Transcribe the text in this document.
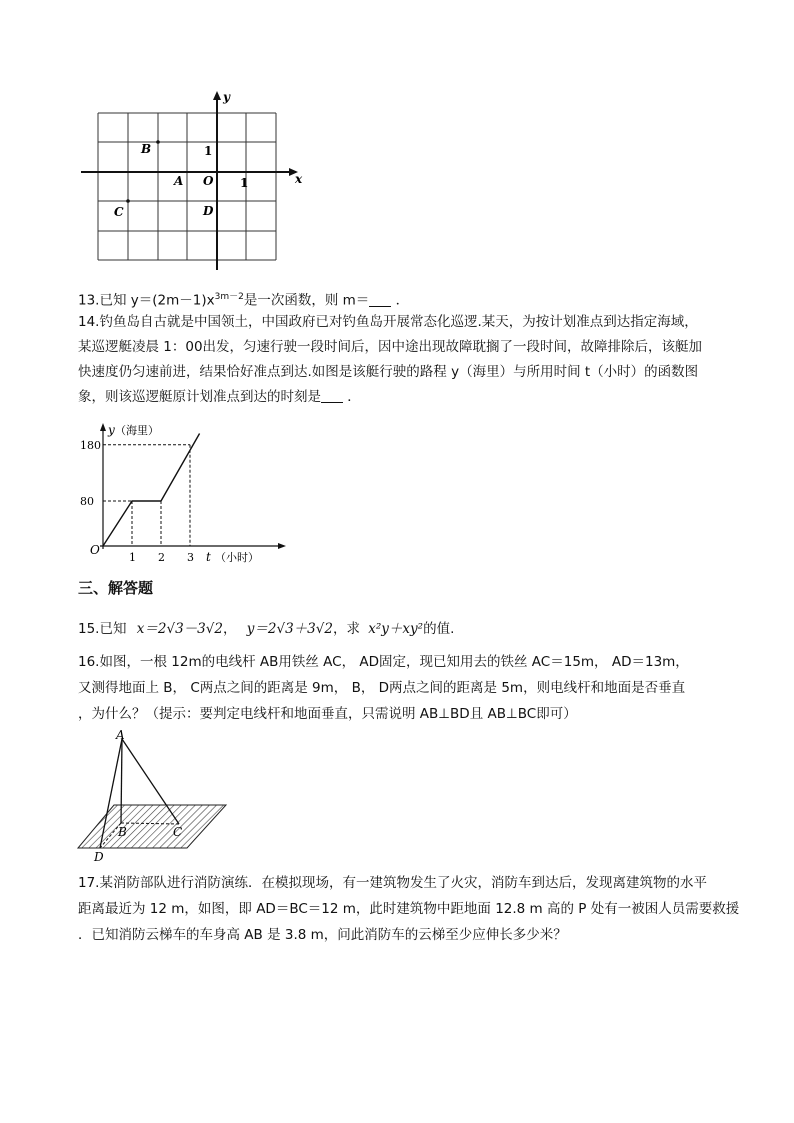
y
x
B	1
A O 1
C	D
13.已知 $y=(2m-1)x^{3m-2}$是一次函数，则 m＝ ．
14.钓鱼岛自古就是中国领土，中国政府已对钓鱼岛开展常态化巡逻.某天，为按计划准点到达指定海域，
某巡逻艇凌晨 1：00出发，匀速行驶一段时间后，因中途出现故障耽搁了一段时间，故障排除后，该艇加
快速度仍匀速前进，结果恰好准点到达.如图是该艇行驶的路程 y（海里）与所用时间 t（小时）的函数图
象，则该巡逻艇原计划准点到达的时刻是 ．
y （海里）
t （小时）
O
1 2 3
80
180
三、解答题
15.已知 x＝2√3－3√2， y＝2√3＋3√2，求 x²y＋xy²的值.
16.如图，一根 12m的电线杆 AB用铁丝 AC， AD固定，现已知用去的铁丝 AC＝15m， AD＝13m，
又测得地面上 B， C两点之间的距离是 9m， B， D两点之间的距离是 5m，则电线杆和地面是否垂直
，为什么？（提示：要判定电线杆和地面垂直，只需说明 AB⊥BD且 AB⊥BC即可）
A
B	C
D
17.某消防部队进行消防演练．在模拟现场，有一建筑物发生了火灾，消防车到达后，发现离建筑物的水平
距离最近为 12 m，如图，即 AD＝BC＝12 m，此时建筑物中距地面 12.8 m 高的 P 处有一被困人员需要救援
．已知消防云梯车的车身高 AB 是 3.8 m，问此消防车的云梯至少应伸长多少米？
